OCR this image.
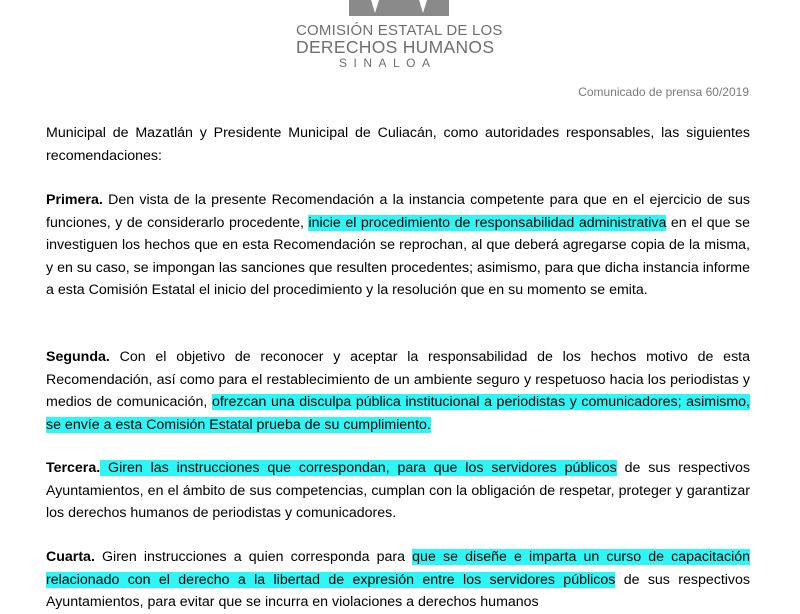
COMISIÓN ESTATAL DE LOS
DERECHOS HUMANOS
SINALOA
Comunicado de prensa 60/2019

Municipal de Mazatlán y Presidente Municipal de Culiacán, como autoridades responsables, las siguientes recomendaciones:

Primera. Den vista de la presente Recomendación a la instancia competente para que en el ejercicio de sus funciones, y de considerarlo procedente, inicie el procedimiento de responsabilidad administrativa en el que se investiguen los hechos que en esta Recomendación se reprochan, al que deberá agregarse copia de la misma, y en su caso, se impongan las sanciones que resulten procedentes; asimismo, para que dicha instancia informe a esta Comisión Estatal el inicio del procedimiento y la resolución que en su momento se emita.

Segunda. Con el objetivo de reconocer y aceptar la responsabilidad de los hechos motivo de esta Recomendación, así como para el restablecimiento de un ambiente seguro y respetuoso hacia los periodistas y medios de comunicación, ofrezcan una disculpa pública institucional a periodistas y comunicadores; asimismo, se envíe a esta Comisión Estatal prueba de su cumplimiento.

Tercera. Giren las instrucciones que correspondan, para que los servidores públicos de sus respectivos Ayuntamientos, en el ámbito de sus competencias, cumplan con la obligación de respetar, proteger y garantizar los derechos humanos de periodistas y comunicadores.

Cuarta. Giren instrucciones a quien corresponda para que se diseñe e imparta un curso de capacitación relacionado con el derecho a la libertad de expresión entre los servidores públicos de sus respectivos Ayuntamientos, para evitar que se incurra en violaciones a derechos humanos
